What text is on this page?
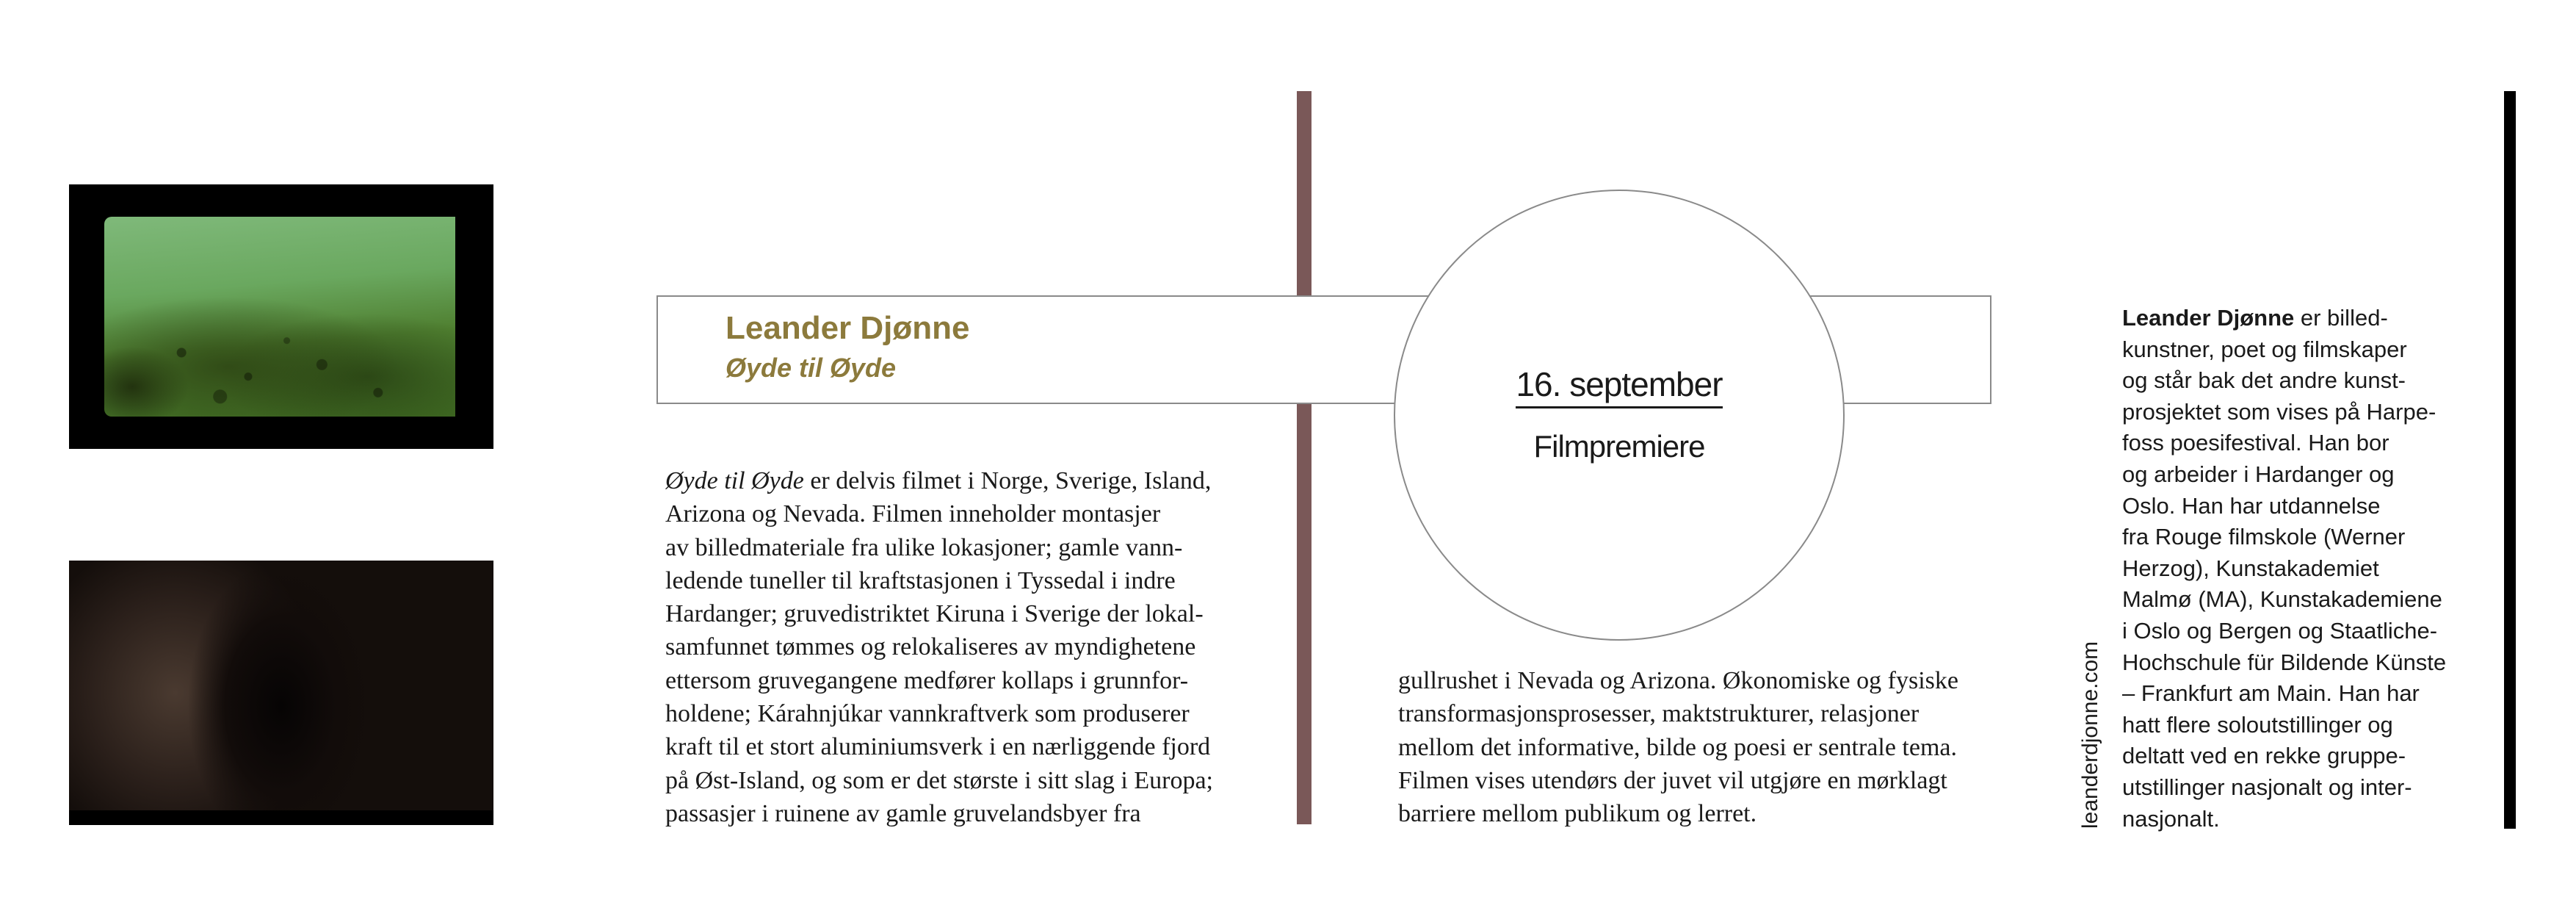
Leander Djønne
Øyde til Øyde	16. september
Filmpremiere
Øyde til Øyde er delvis filmet i Norge, Sverige, Island,
Arizona og Nevada. Filmen inneholder montasjer
av billedmateriale fra ulike lokasjoner; gamle vann-
ledende tuneller til kraftstasjonen i Tyssedal i indre
Hardanger; gruvedistriktet Kiruna i Sverige der lokal-
samfunnet tømmes og relokaliseres av myndighetene
ettersom gruvegangene medfører kollaps i grunnfor-
holdene; Kárahnjúkar vannkraftverk som produserer
kraft til et stort aluminiumsverk i en nærliggende fjord
på Øst-Island, og som er det største i sitt slag i Europa;
passasjer i ruinene av gamle gruvelandsbyer fra
gullrushet i Nevada og Arizona. Økonomiske og fysiske
transformasjonsprosesser, maktstrukturer, relasjoner
mellom det informative, bilde og poesi er sentrale tema.
Filmen vises utendørs der juvet vil utgjøre en mørklagt
barriere mellom publikum og lerret.	leanderdjonne.com
Leander Djønne er billed-
kunstner, poet og filmskaper
og står bak det andre kunst-
prosjektet som vises på Harpe-
foss poesifestival. Han bor
og arbeider i Hardanger og
Oslo. Han har utdannelse
fra Rouge filmskole (Werner
Herzog), Kunstakademiet
Malmø (MA), Kunstakademiene
i Oslo og Bergen og Staatliche-
Hochschule für Bildende Künste
– Frankfurt am Main. Han har
hatt flere soloutstillinger og
deltatt ved en rekke gruppe-
utstillinger nasjonalt og inter-
nasjonalt.
